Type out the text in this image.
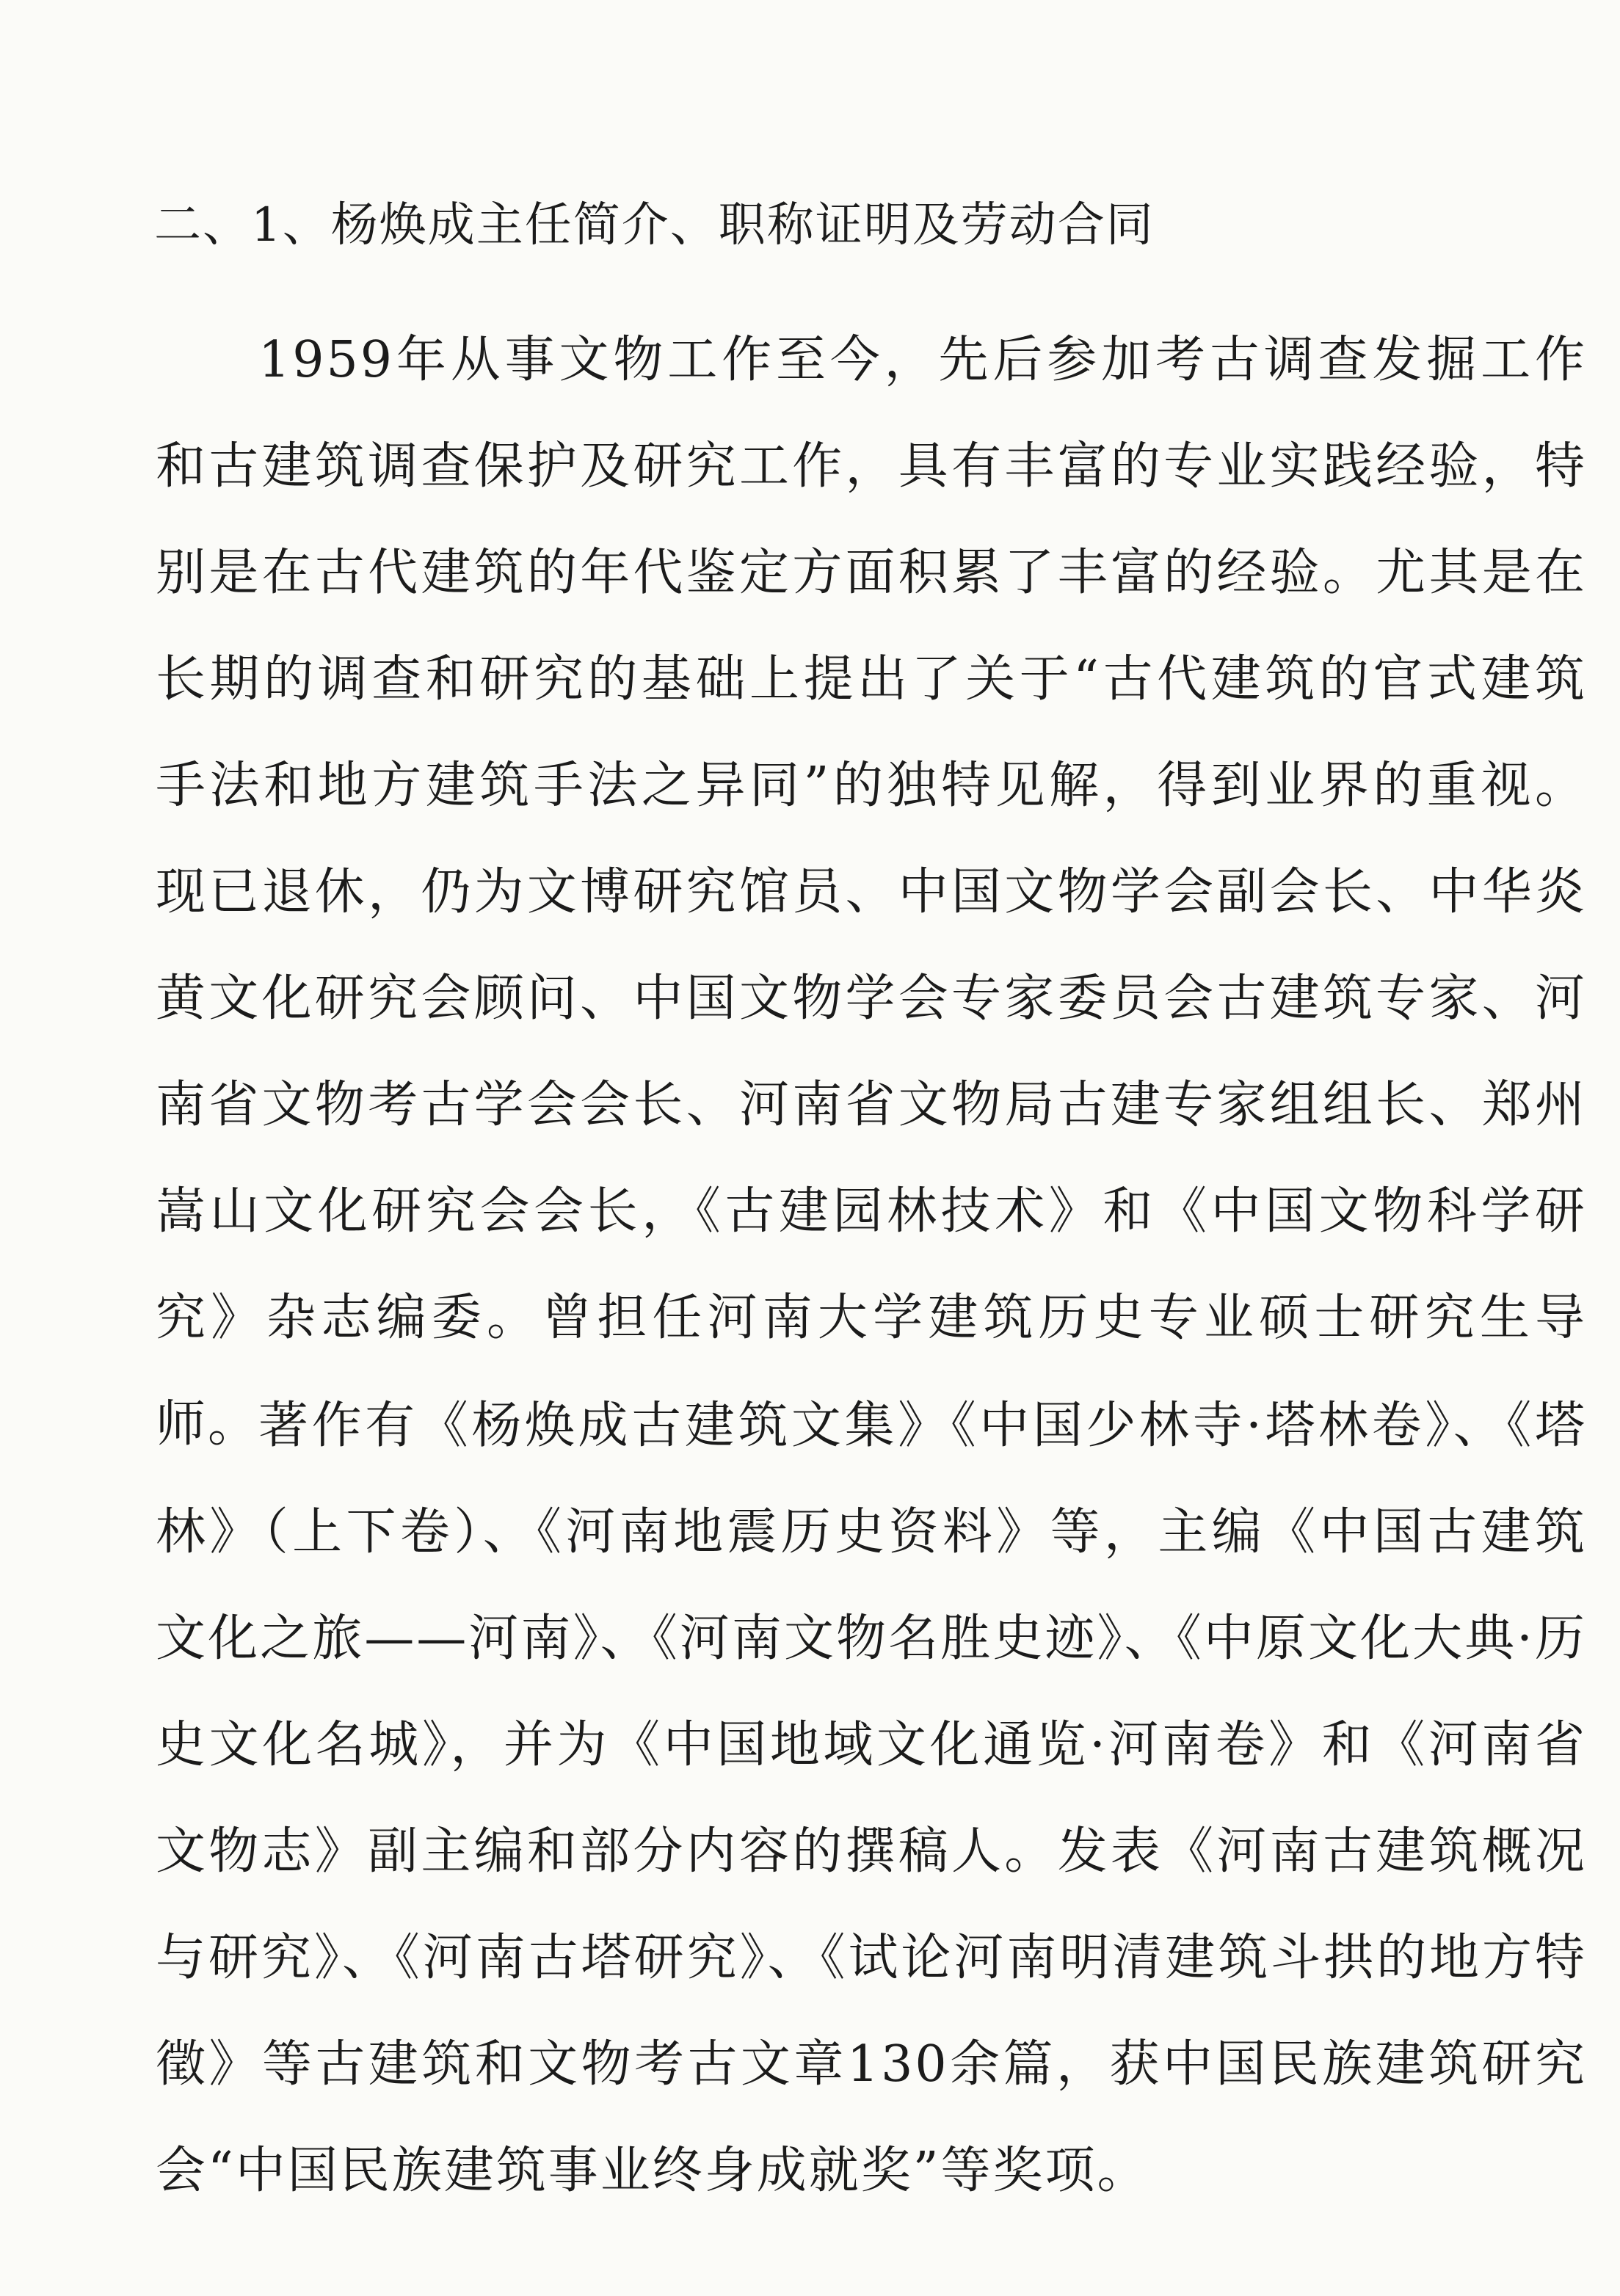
二、1、杨焕成主任简介、职称证明及劳动合同

1959年从事文物工作至今，先后参加考古调查发掘工作和古建筑调查保护及研究工作，具有丰富的专业实践经验，特别是在古代建筑的年代鉴定方面积累了丰富的经验。尤其是在长期的调查和研究的基础上提出了关于“古代建筑的官式建筑手法和地方建筑手法之异同”的独特见解，得到业界的重视。现已退休，仍为文博研究馆员、中国文物学会副会长、中华炎黄文化研究会顾问、中国文物学会专家委员会古建筑专家、河南省文物考古学会会长、河南省文物局古建专家组组长、郑州嵩山文化研究会会长，《古建园林技术》和《中国文物科学研究》杂志编委。曾担任河南大学建筑历史专业硕士研究生导师。

著作有《杨焕成古建筑文集》《中国少林寺·塔林卷》、《塔林》（上下卷）、《河南地震历史资料》等，主编《中国古建筑文化之旅——河南》、《河南文物名胜史迹》、《中原文化大典·历史文化名城》，并为《中国地域文化通览·河南卷》和《河南省文物志》副主编和部分内容的撰稿人。发表《河南古建筑概况与研究》、《河南古塔研究》、《试论河南明清建筑斗拱的地方特徵》等古建筑和文物考古文章130余篇，获中国民族建筑研究会“中国民族建筑事业终身成就奖”等奖项。
